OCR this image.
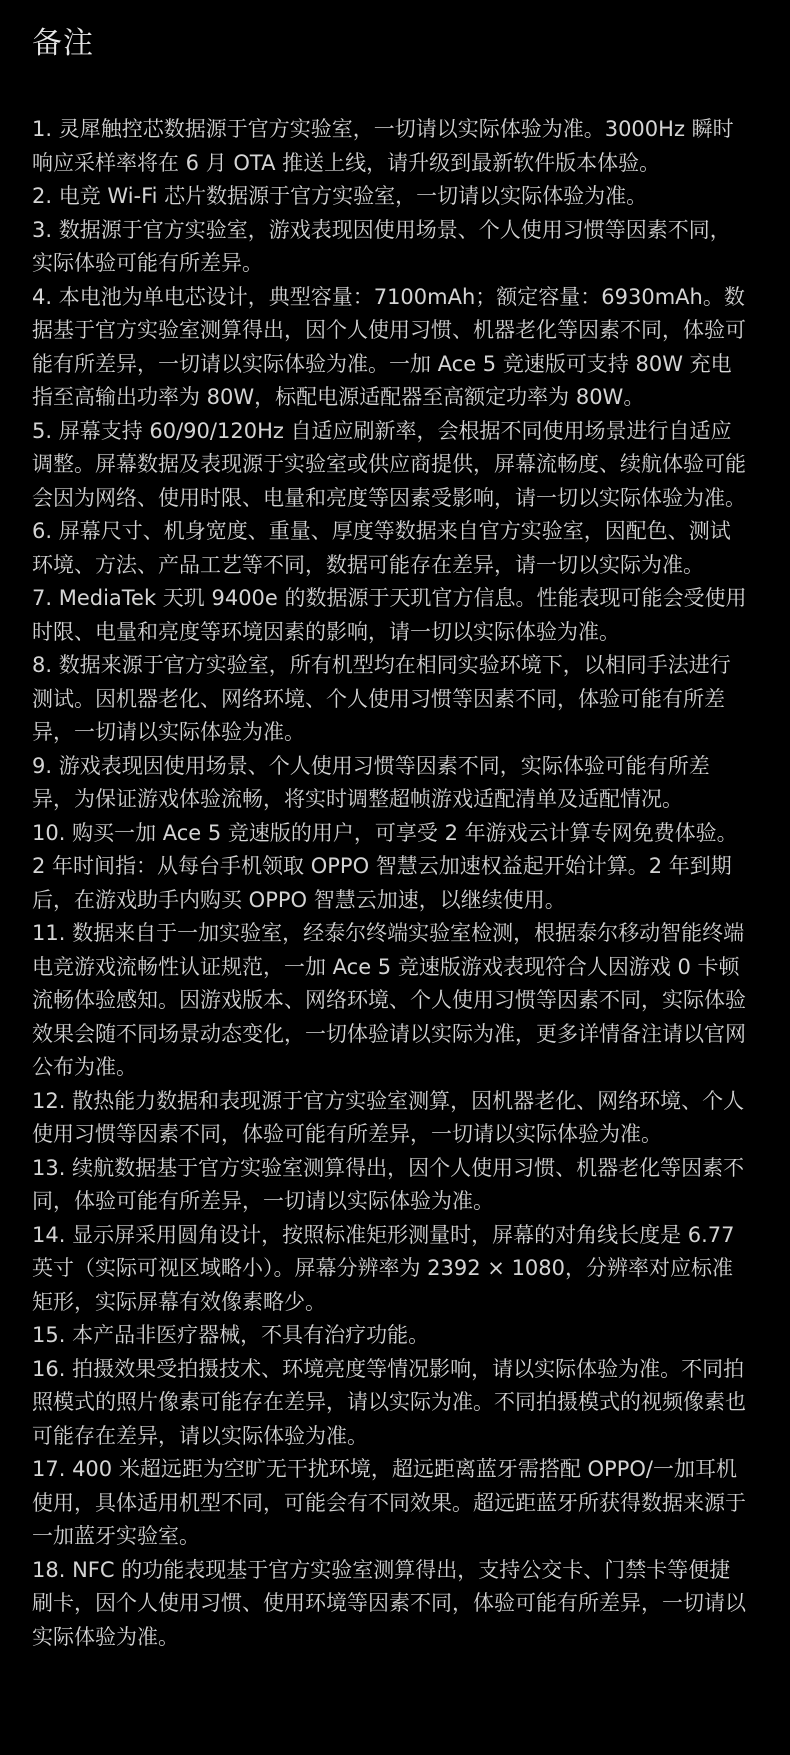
备注
1. 灵犀触控芯数据源于官方实验室，一切请以实际体验为准。3000Hz 瞬时响应采样率将在 6 月 OTA 推送上线，请升级到最新软件版本体验。
2. 电竞 Wi-Fi 芯片数据源于官方实验室，一切请以实际体验为准。
3. 数据源于官方实验室，游戏表现因使用场景、个人使用习惯等因素不同，实际体验可能有所差异。
4. 本电池为单电芯设计，典型容量：7100mAh；额定容量：6930mAh。数据基于官方实验室测算得出，因个人使用习惯、机器老化等因素不同，体验可能有所差异，一切请以实际体验为准。一加 Ace 5 竞速版可支持 80W 充电指至高输出功率为 80W，标配电源适配器至高额定功率为 80W。
5. 屏幕支持 60/90/120Hz 自适应刷新率，会根据不同使用场景进行自适应调整。屏幕数据及表现源于实验室或供应商提供，屏幕流畅度、续航体验可能会因为网络、使用时限、电量和亮度等因素受影响，请一切以实际体验为准。
6. 屏幕尺寸、机身宽度、重量、厚度等数据来自官方实验室，因配色、测试环境、方法、产品工艺等不同，数据可能存在差异，请一切以实际为准。
7. MediaTek 天玑 9400e 的数据源于天玑官方信息。性能表现可能会受使用时限、电量和亮度等环境因素的影响，请一切以实际体验为准。
8. 数据来源于官方实验室，所有机型均在相同实验环境下，以相同手法进行测试。因机器老化、网络环境、个人使用习惯等因素不同，体验可能有所差异，一切请以实际体验为准。
9. 游戏表现因使用场景、个人使用习惯等因素不同，实际体验可能有所差异，为保证游戏体验流畅，将实时调整超帧游戏适配清单及适配情况。
10. 购买一加 Ace 5 竞速版的用户，可享受 2 年游戏云计算专网免费体验。2 年时间指：从每台手机领取 OPPO 智慧云加速权益起开始计算。2 年到期后，在游戏助手内购买 OPPO 智慧云加速，以继续使用。
11. 数据来自于一加实验室，经泰尔终端实验室检测，根据泰尔移动智能终端电竞游戏流畅性认证规范，一加 Ace 5 竞速版游戏表现符合人因游戏 0 卡顿流畅体验感知。因游戏版本、网络环境、个人使用习惯等因素不同，实际体验效果会随不同场景动态变化，一切体验请以实际为准，更多详情备注请以官网公布为准。
12. 散热能力数据和表现源于官方实验室测算，因机器老化、网络环境、个人使用习惯等因素不同，体验可能有所差异，一切请以实际体验为准。
13. 续航数据基于官方实验室测算得出，因个人使用习惯、机器老化等因素不同，体验可能有所差异，一切请以实际体验为准。
14. 显示屏采用圆角设计，按照标准矩形测量时，屏幕的对角线长度是 6.77 英寸（实际可视区域略小）。屏幕分辨率为 2392 × 1080，分辨率对应标准矩形，实际屏幕有效像素略少。
15. 本产品非医疗器械，不具有治疗功能。
16. 拍摄效果受拍摄技术、环境亮度等情况影响，请以实际体验为准。不同拍照模式的照片像素可能存在差异，请以实际为准。不同拍摄模式的视频像素也可能存在差异，请以实际体验为准。
17. 400 米超远距为空旷无干扰环境，超远距离蓝牙需搭配 OPPO/一加耳机使用，具体适用机型不同，可能会有不同效果。超远距蓝牙所获得数据来源于一加蓝牙实验室。
18. NFC 的功能表现基于官方实验室测算得出，支持公交卡、门禁卡等便捷刷卡，因个人使用习惯、使用环境等因素不同，体验可能有所差异，一切请以实际体验为准。
